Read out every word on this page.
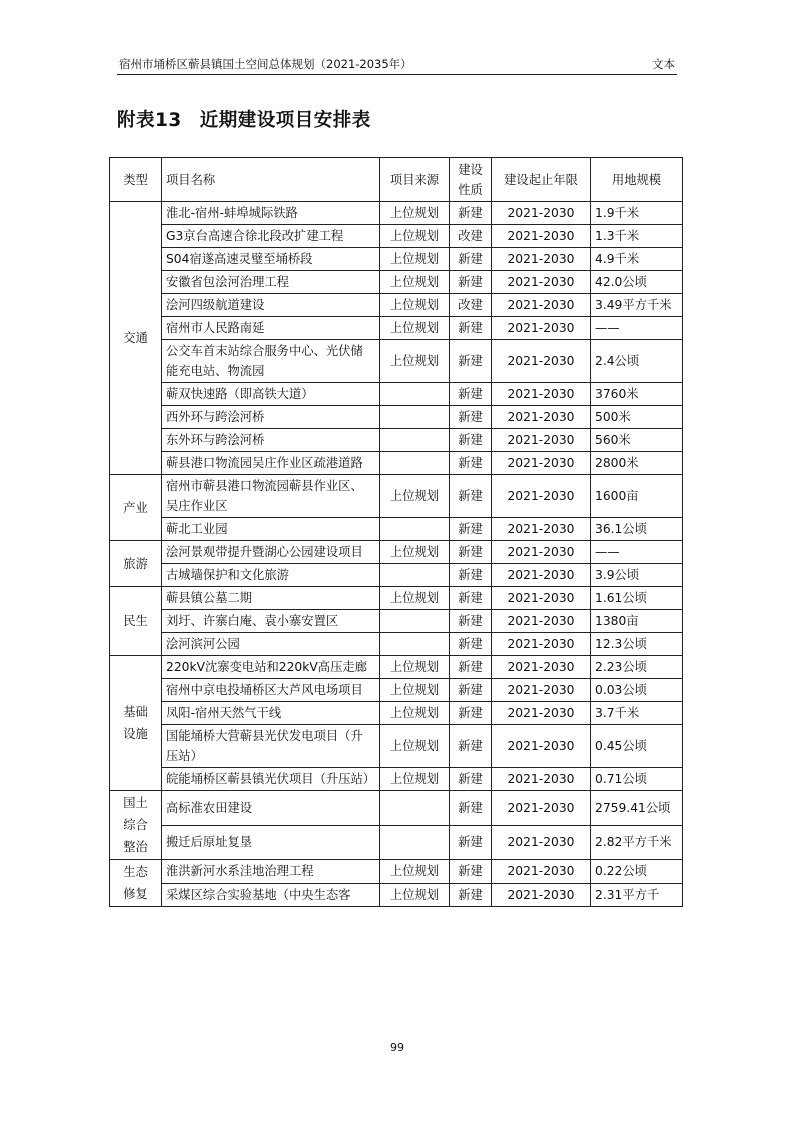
宿州市埇桥区蕲县镇国土空间总体规划（2021-2035年）	文本
附表13 近期建设项目安排表
类型	项目名称	项目来源	建设性质	建设起止年限	用地规模
交通	淮北-宿州-蚌埠城际铁路	上位规划	新建	2021-2030	1.9千米
	G3京台高速合徐北段改扩建工程	上位规划	改建	2021-2030	1.3千米
	S04宿遂高速灵璧至埇桥段	上位规划	新建	2021-2030	4.9千米
	安徽省包浍河治理工程	上位规划	新建	2021-2030	42.0公顷
	浍河四级航道建设	上位规划	改建	2021-2030	3.49平方千米
	宿州市人民路南延	上位规划	新建	2021-2030	——
	公交车首末站综合服务中心、光伏储能充电站、物流园	上位规划	新建	2021-2030	2.4公顷
	蕲双快速路（即高铁大道）		新建	2021-2030	3760米
	西外环与跨浍河桥		新建	2021-2030	500米
	东外环与跨浍河桥		新建	2021-2030	560米
	蕲县港口物流园吴庄作业区疏港道路		新建	2021-2030	2800米
产业	宿州市蕲县港口物流园蕲县作业区、吴庄作业区	上位规划	新建	2021-2030	1600亩
	蕲北工业园		新建	2021-2030	36.1公顷
旅游	浍河景观带提升暨湖心公园建设项目	上位规划	新建	2021-2030	——
	古城墙保护和文化旅游		新建	2021-2030	3.9公顷
民生	蕲县镇公墓二期	上位规划	新建	2021-2030	1.61公顷
	刘圩、许寨白庵、袁小寨安置区		新建	2021-2030	1380亩
	浍河滨河公园		新建	2021-2030	12.3公顷
基础设施	220kV沈寨变电站和220kV高压走廊	上位规划	新建	2021-2030	2.23公顷
	宿州中京电投埇桥区大芦风电场项目	上位规划	新建	2021-2030	0.03公顷
	凤阳-宿州天然气干线	上位规划	新建	2021-2030	3.7千米
	国能埇桥大营蕲县光伏发电项目（升压站）	上位规划	新建	2021-2030	0.45公顷
	皖能埇桥区蕲县镇光伏项目（升压站）	上位规划	新建	2021-2030	0.71公顷
国土综合整治	高标准农田建设		新建	2021-2030	2759.41公顷
	搬迁后原址复垦		新建	2021-2030	2.82平方千米
生态修复	淮洪新河水系洼地治理工程	上位规划	新建	2021-2030	0.22公顷
	采煤区综合实验基地（中央生态客	上位规划	新建	2021-2030	2.31平方千
99
